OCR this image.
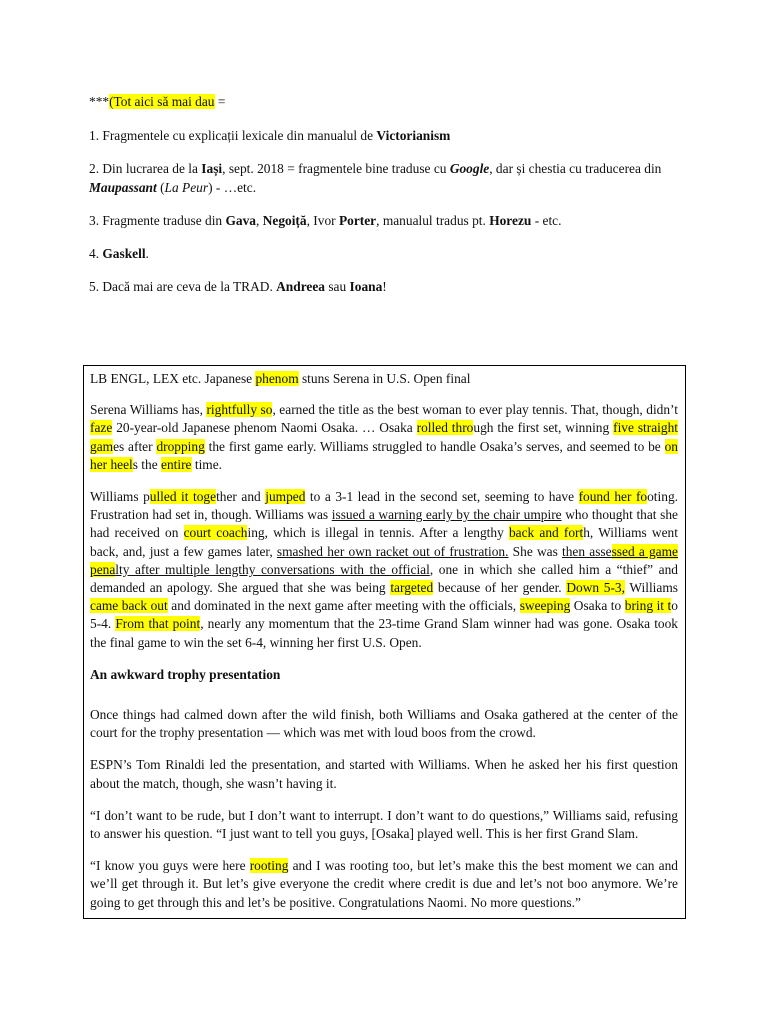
***(Tot aici să mai dau =

1. Fragmentele cu explicații lexicale din manualul de Victorianism

2. Din lucrarea de la Iași, sept. 2018 = fragmentele bine traduse cu Google, dar și chestia cu traducerea din Maupassant (La Peur) - …etc.

3. Fragmente traduse din Gava, Negoiță, Ivor Porter, manualul tradus pt. Horezu - etc.

4. Gaskell.

5. Dacă mai are ceva de la TRAD. Andreea sau Ioana!

LB ENGL, LEX etc. Japanese phenom stuns Serena in U.S. Open final

Serena Williams has, rightfully so, earned the title as the best woman to ever play tennis. That, though, didn’t faze 20-year-old Japanese phenom Naomi Osaka. … Osaka rolled through the first set, winning five straight games after dropping the first game early. Williams struggled to handle Osaka’s serves, and seemed to be on her heels the entire time.

Williams pulled it together and jumped to a 3-1 lead in the second set, seeming to have found her footing. Frustration had set in, though. Williams was issued a warning early by the chair umpire who thought that she had received on court coaching, which is illegal in tennis. After a lengthy back and forth, Williams went back, and, just a few games later, smashed her own racket out of frustration. She was then assessed a game penalty after multiple lengthy conversations with the official, one in which she called him a “thief” and demanded an apology. She argued that she was being targeted because of her gender. Down 5-3, Williams came back out and dominated in the next game after meeting with the officials, sweeping Osaka to bring it to 5-4. From that point, nearly any momentum that the 23-time Grand Slam winner had was gone. Osaka took the final game to win the set 6-4, winning her first U.S. Open.

An awkward trophy presentation

Once things had calmed down after the wild finish, both Williams and Osaka gathered at the center of the court for the trophy presentation — which was met with loud boos from the crowd.

ESPN’s Tom Rinaldi led the presentation, and started with Williams. When he asked her his first question about the match, though, she wasn’t having it.

“I don’t want to be rude, but I don’t want to interrupt. I don’t want to do questions,” Williams said, refusing to answer his question. “I just want to tell you guys, [Osaka] played well. This is her first Grand Slam.

“I know you guys were here rooting and I was rooting too, but let’s make this the best moment we can and we’ll get through it. But let’s give everyone the credit where credit is due and let’s not boo anymore. We’re going to get through this and let’s be positive. Congratulations Naomi. No more questions.”
